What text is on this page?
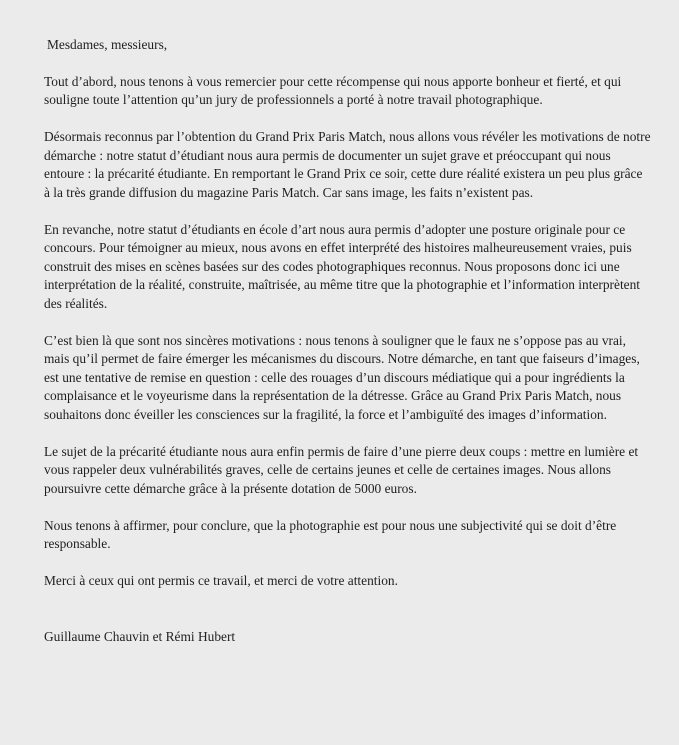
Mesdames, messieurs,

Tout d’abord, nous tenons à vous remercier pour cette récompense qui nous apporte bonheur et fierté, et qui souligne toute l’attention qu’un jury de professionnels a porté à notre travail photographique.

Désormais reconnus par l’obtention du Grand Prix Paris Match, nous allons vous révéler les motivations de notre démarche : notre statut d’étudiant nous aura permis de documenter un sujet grave et préoccupant qui nous entoure : la précarité étudiante. En remportant le Grand Prix ce soir, cette dure réalité existera un peu plus grâce à la très grande diffusion du magazine Paris Match. Car sans image, les faits n’existent pas.

En revanche, notre statut d’étudiants en école d’art nous aura permis d’adopter une posture originale pour ce concours. Pour témoigner au mieux, nous avons en effet interprété des histoires malheureusement vraies, puis construit des mises en scènes basées sur des codes photographiques reconnus. Nous proposons donc ici une interprétation de la réalité, construite, maîtrisée, au même titre que la photographie et l’information interprètent des réalités.

C’est bien là que sont nos sincères motivations : nous tenons à souligner que le faux ne s’oppose pas au vrai, mais qu’il permet de faire émerger les mécanismes du discours. Notre démarche, en tant que faiseurs d’images, est une tentative de remise en question : celle des rouages d’un discours médiatique qui a pour ingrédients la complaisance et le voyeurisme dans la représentation de la détresse. Grâce au Grand Prix Paris Match, nous souhaitons donc éveiller les consciences sur la fragilité, la force et l’ambiguïté des images d’information.

Le sujet de la précarité étudiante nous aura enfin permis de faire d’une pierre deux coups : mettre en lumière et vous rappeler deux vulnérabilités graves, celle de certains jeunes et celle de certaines images. Nous allons poursuivre cette démarche grâce à la présente dotation de 5000 euros.

Nous tenons à affirmer, pour conclure, que la photographie est pour nous une subjectivité qui se doit d’être responsable.

Merci à ceux qui ont permis ce travail, et merci de votre attention.

Guillaume Chauvin et Rémi Hubert
